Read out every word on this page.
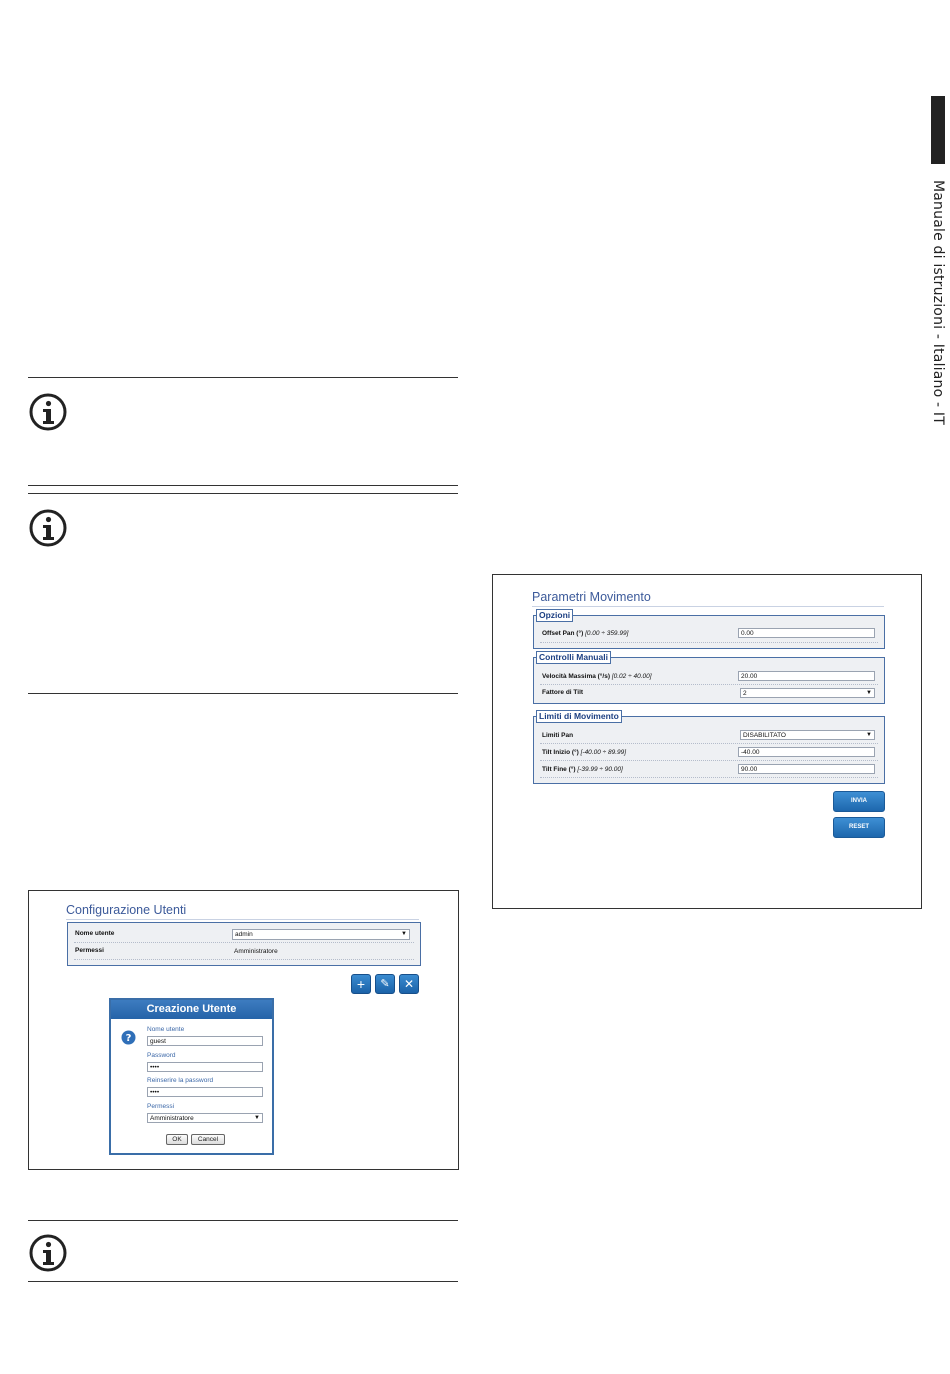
Manuale di istruzioni - Italiano - IT
Configurazione Utenti
Nome utente	admin	▼
Permessi	Amministratore
+	✎	✕
Creazione Utente
?
Nome utente
guest
Password
••••
Reinserire la password
••••
Permessi
Amministratore	▼
OK	Cancel
Parametri Movimento
Opzioni
Offset Pan (°) [0.00 ÷ 359.99]	0.00
Controlli Manuali
Velocità Massima (°/s) [0.02 ÷ 40.00]	20.00
Fattore di Tilt	2	▼
Limiti di Movimento
Limiti Pan	DISABILITATO	▼
Tilt Inizio (°) [-40.00 ÷ 89.99]	-40.00
Tilt Fine (°) [-39.99 ÷ 90.00]	90.00
INVIA
RESET
